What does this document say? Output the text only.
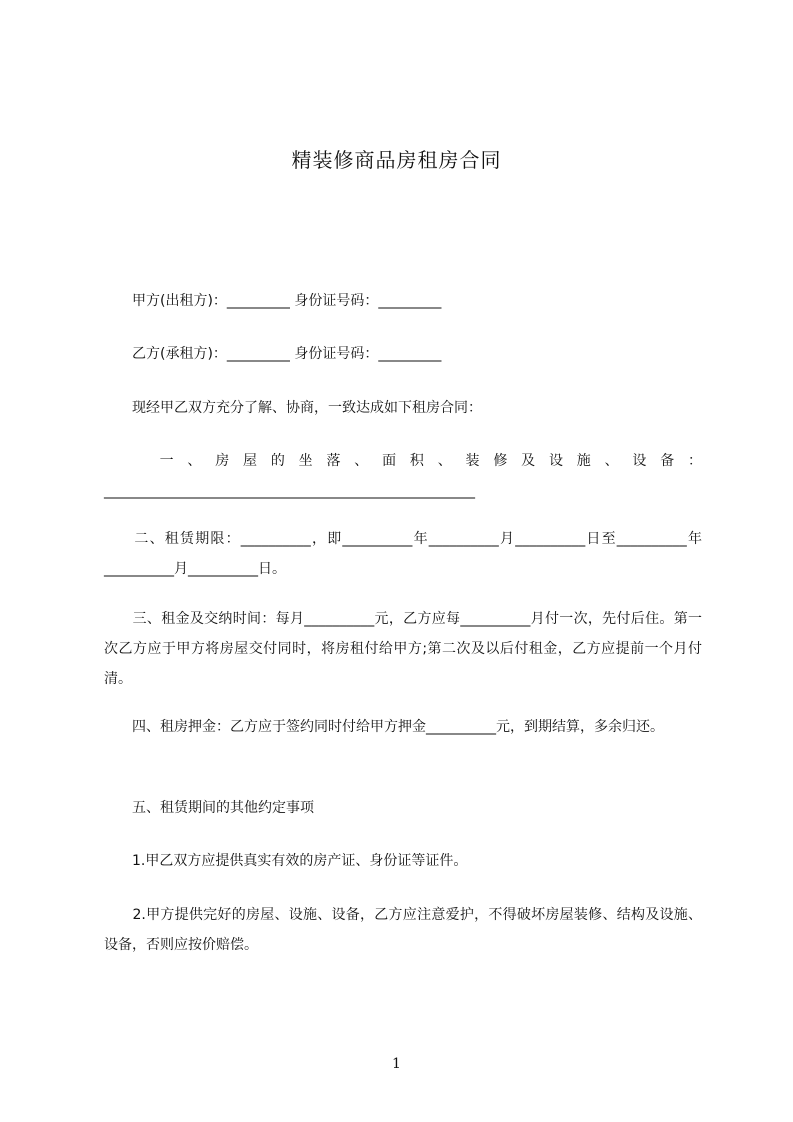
精装修商品房租房合同

　　甲方(出租方)：_________ 身份证号码：_________

　　乙方(承租方)：_________ 身份证号码：_________

　　现经甲乙双方充分了解、协商，一致达成如下租房合同：

　　一、房屋的坐落、面积、装修及设施、设备：_____________________________________________________

　　二、租赁期限：__________，即__________年__________月__________日至__________年__________月__________日。

　　三、租金及交纳时间：每月__________元，乙方应每__________月付一次，先付后住。第一次乙方应于甲方将房屋交付同时，将房租付给甲方;第二次及以后付租金，乙方应提前一个月付清。

　　四、租房押金：乙方应于签约同时付给甲方押金__________元，到期结算，多余归还。

　　五、租赁期间的其他约定事项

　　1.甲乙双方应提供真实有效的房产证、身份证等证件。

　　2.甲方提供完好的房屋、设施、设备，乙方应注意爱护，不得破坏房屋装修、结构及设施、设备，否则应按价赔偿。

1
